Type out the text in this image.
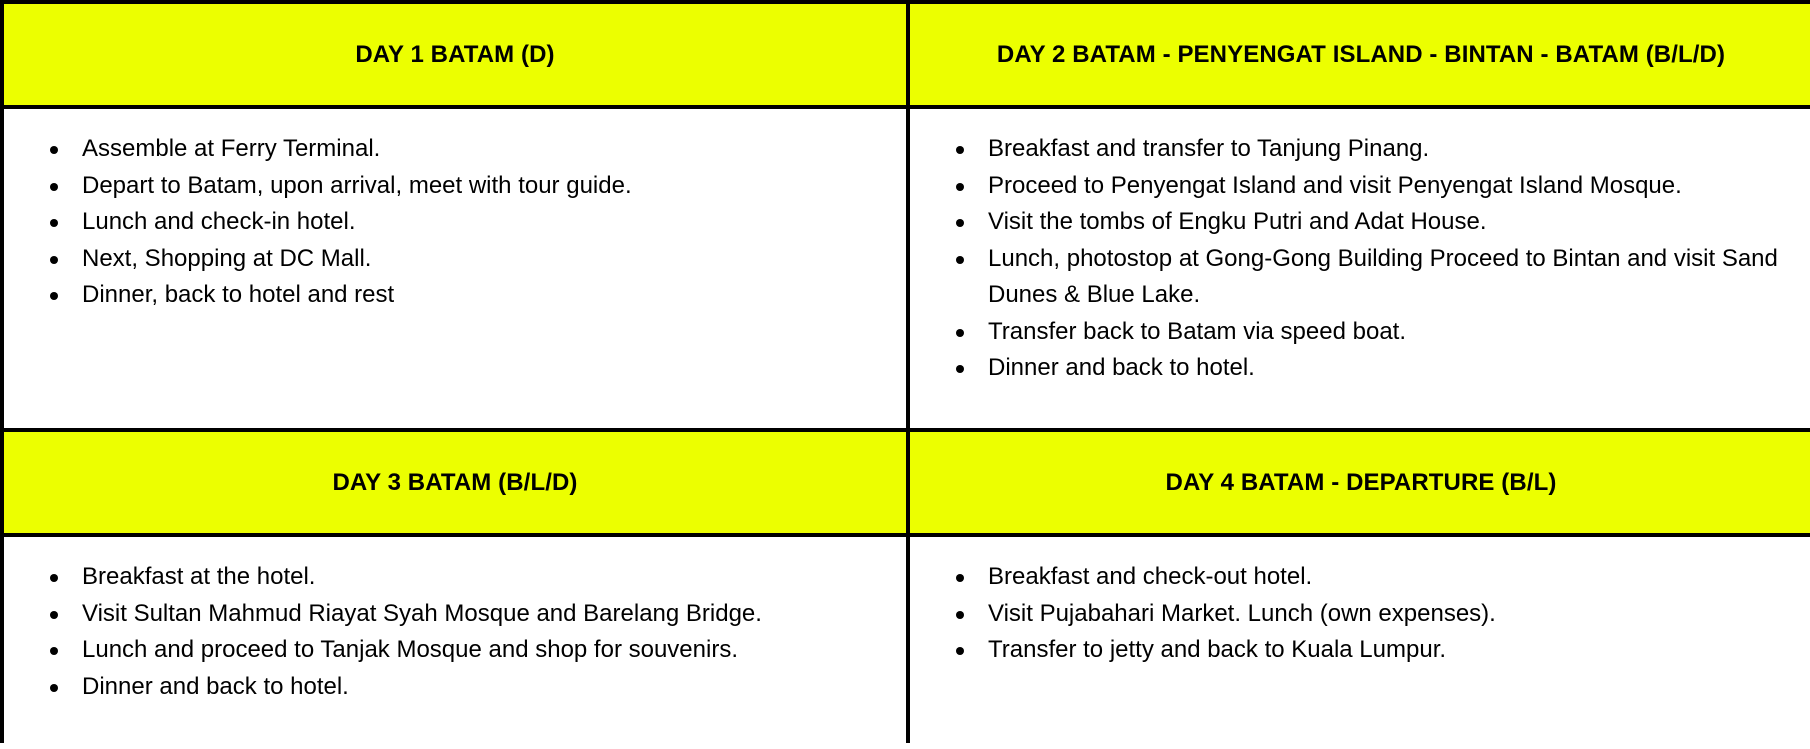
DAY 1 BATAM (D)	DAY 2 BATAM - PENYENGAT ISLAND - BINTAN - BATAM (B/L/D)
Assemble at Ferry Terminal.
Depart to Batam, upon arrival, meet with tour guide.
Lunch and check-in hotel.
Next, Shopping at DC Mall.
Dinner, back to hotel and rest
Breakfast and transfer to Tanjung Pinang.
Proceed to Penyengat Island and visit Penyengat Island Mosque.
Visit the tombs of Engku Putri and Adat House.
Lunch, photostop at Gong-Gong Building Proceed to Bintan and visit Sand Dunes & Blue Lake.
Transfer back to Batam via speed boat.
Dinner and back to hotel.
DAY 3 BATAM (B/L/D)	DAY 4 BATAM - DEPARTURE (B/L)
Breakfast at the hotel.
Visit Sultan Mahmud Riayat Syah Mosque and Barelang Bridge.
Lunch and proceed to Tanjak Mosque and shop for souvenirs.
Dinner and back to hotel.
Breakfast and check-out hotel.
Visit Pujabahari Market. Lunch (own expenses).
Transfer to jetty and back to Kuala Lumpur.
